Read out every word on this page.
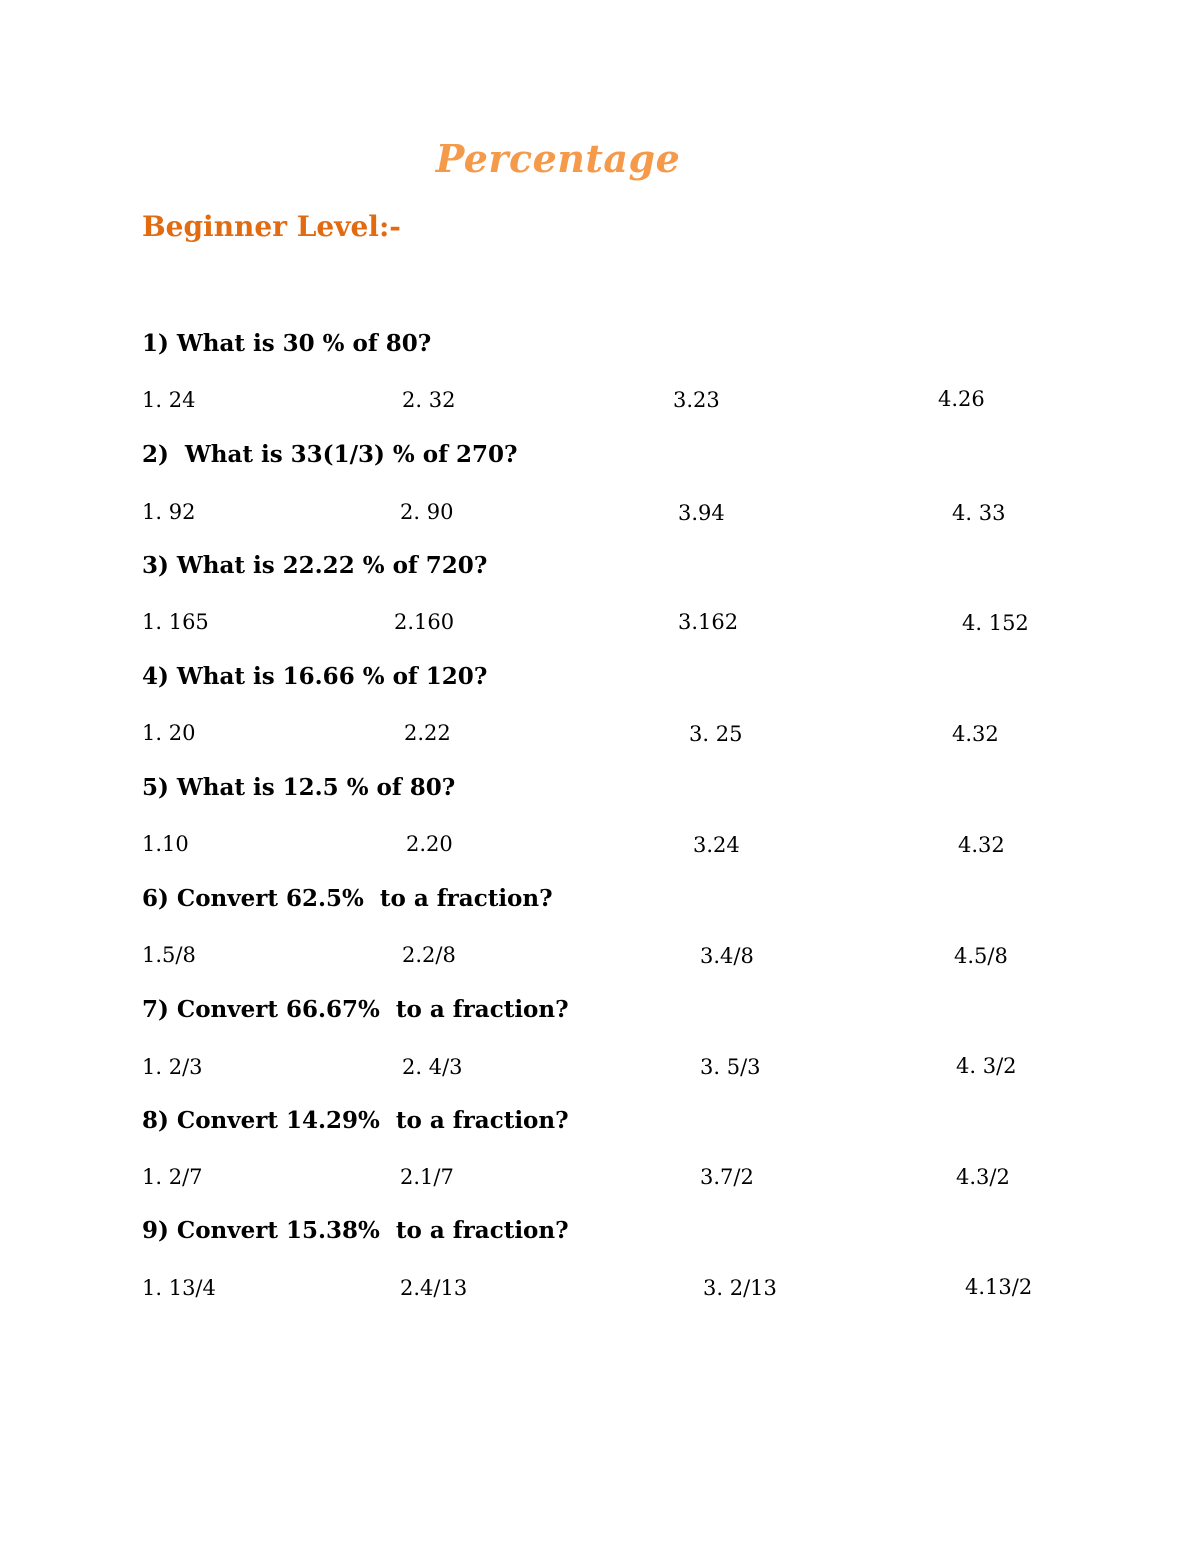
Percentage
Beginner Level:-
1) What is 30 % of 80?
1. 24	2. 32	3.23	4.26
2)  What is 33(1/3) % of 270?
1. 92	2. 90	3.94	4. 33
3) What is 22.22 % of 720?
1. 165	2.160	3.162	4. 152
4) What is 16.66 % of 120?
1. 20	2.22	3. 25	4.32
5) What is 12.5 % of 80?
1.10	2.20	3.24	4.32
6) Convert 62.5%  to a fraction?
1.5/8	2.2/8	3.4/8	4.5/8
7) Convert 66.67%  to a fraction?
1. 2/3	2. 4/3	3. 5/3	4. 3/2
8) Convert 14.29%  to a fraction?
1. 2/7	2.1/7	3.7/2	4.3/2
9) Convert 15.38%  to a fraction?
1. 13/4	2.4/13	3. 2/13	4.13/2
